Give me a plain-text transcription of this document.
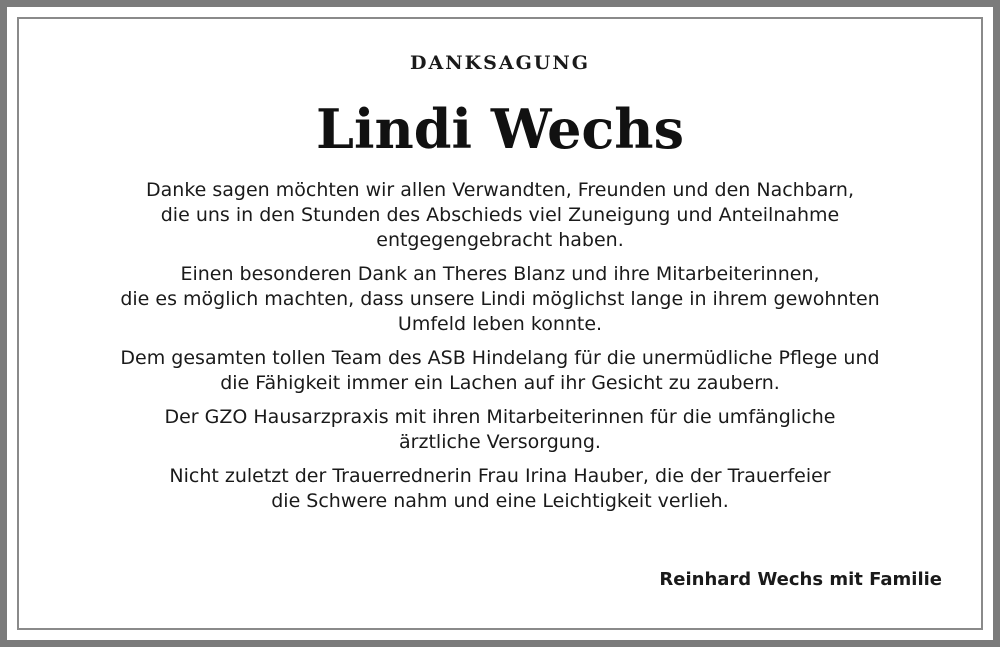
DANKSAGUNG
Lindi Wechs

Danke sagen möchten wir allen Verwandten, Freunden und den Nachbarn,
die uns in den Stunden des Abschieds viel Zuneigung und Anteilnahme
entgegengebracht haben.

Einen besonderen Dank an Theres Blanz und ihre Mitarbeiterinnen,
die es möglich machten, dass unsere Lindi möglichst lange in ihrem gewohnten
Umfeld leben konnte.

Dem gesamten tollen Team des ASB Hindelang für die unermüdliche Pflege und
die Fähigkeit immer ein Lachen auf ihr Gesicht zu zaubern.

Der GZO Hausarzpraxis mit ihren Mitarbeiterinnen für die umfängliche
ärztliche Versorgung.

Nicht zuletzt der Trauerrednerin Frau Irina Hauber, die der Trauerfeier
die Schwere nahm und eine Leichtigkeit verlieh.

Reinhard Wechs mit Familie
